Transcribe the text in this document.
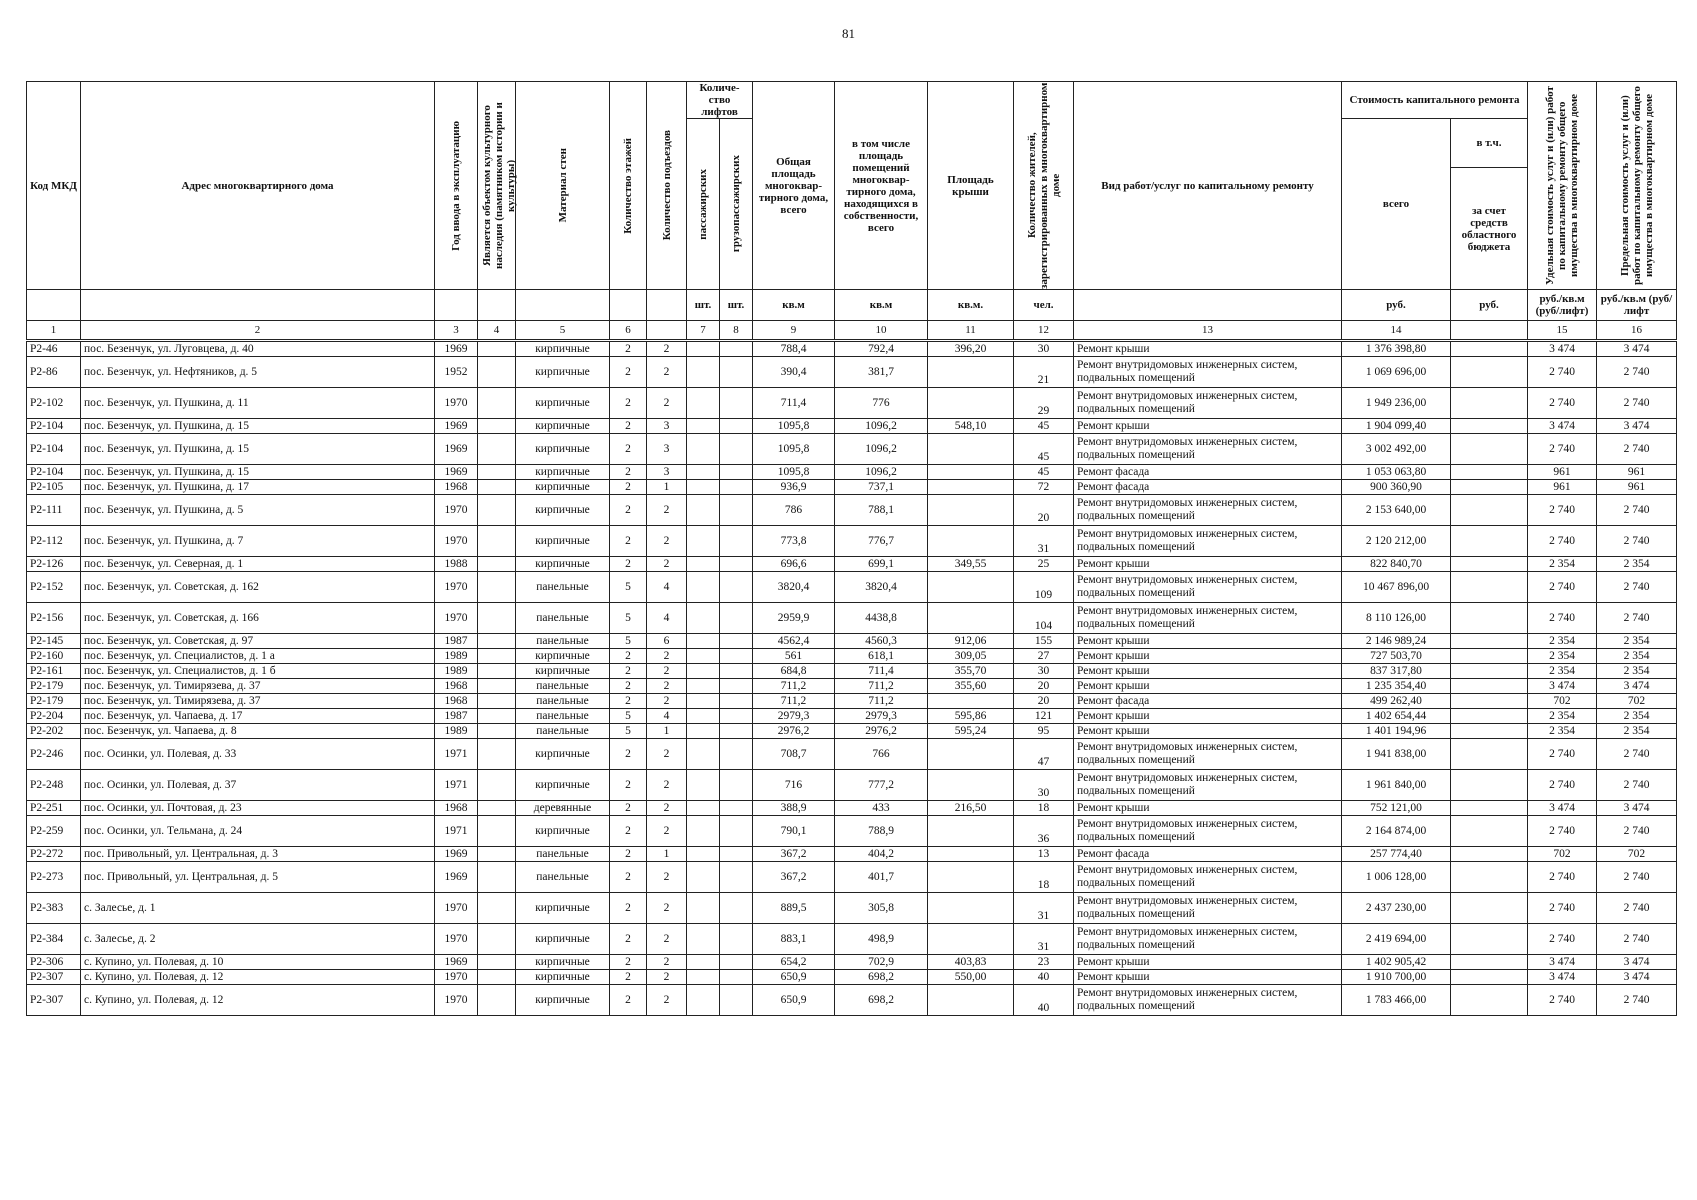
81
Код МКД	Адрес многоквартирного дома	Год ввода в эксплуатацию	Является объектом культурного наследия (памятником истории и культуры)	Материал стен	Количество этажей	Количество подъездов	Количе- ство лифтов		Общая площадь многоквар- тирного дома, всего	в том числе площадь помещений многоквар- тирного дома, находящихся в собственности, всего	Площадь крыши	Количество жителей, зарегистрированных в многоквартирном доме	Вид работ/услуг по капитальному ремонту	Стоимость капитального ремонта		Удельная стоимость услуг и (или) работ по капитальному ремонту общего имущества в многоквартирном доме	Предельная стоимость услуг и (или) работ по капитальному ремонту общего имущества в многоквартирном доме

							пассажирских	грузопассажирских						всего	в т.ч.
за счет средств областного бюджета		

							шт.	шт.	кв.м	кв.м	кв.м.	чел.		руб.	руб.	руб./кв.м (руб/лифт)	руб./кв.м (руб/лифт
1	2	3	4	5	6		7	8	9	10	11	12	13	14		15	16
Р2-46	пос. Безенчук, ул. Луговцева, д. 40	1969		кирпичные	2	2			788,4	792,4	396,20	30	Ремонт крыши	1 376 398,80		3 474	3 474
Р2-86	пос. Безенчук, ул. Нефтяников, д. 5	1952		кирпичные	2	2			390,4	381,7		21	Ремонт внутридомовых инженерных систем, подвальных помещений	1 069 696,00		2 740	2 740
Р2-102	пос. Безенчук, ул. Пушкина, д. 11	1970		кирпичные	2	2			711,4	776		29	Ремонт внутридомовых инженерных систем, подвальных помещений	1 949 236,00		2 740	2 740
Р2-104	пос. Безенчук, ул. Пушкина, д. 15	1969		кирпичные	2	3			1095,8	1096,2	548,10	45	Ремонт крыши	1 904 099,40		3 474	3 474
Р2-104	пос. Безенчук, ул. Пушкина, д. 15	1969		кирпичные	2	3			1095,8	1096,2		45	Ремонт внутридомовых инженерных систем, подвальных помещений	3 002 492,00		2 740	2 740
Р2-104	пос. Безенчук, ул. Пушкина, д. 15	1969		кирпичные	2	3			1095,8	1096,2		45	Ремонт фасада	1 053 063,80		961	961
Р2-105	пос. Безенчук, ул. Пушкина, д. 17	1968		кирпичные	2	1			936,9	737,1		72	Ремонт фасада	900 360,90		961	961
Р2-111	пос. Безенчук, ул. Пушкина, д. 5	1970		кирпичные	2	2			786	788,1		20	Ремонт внутридомовых инженерных систем, подвальных помещений	2 153 640,00		2 740	2 740
Р2-112	пос. Безенчук, ул. Пушкина, д. 7	1970		кирпичные	2	2			773,8	776,7		31	Ремонт внутридомовых инженерных систем, подвальных помещений	2 120 212,00		2 740	2 740
Р2-126	пос. Безенчук, ул. Северная, д. 1	1988		кирпичные	2	2			696,6	699,1	349,55	25	Ремонт крыши	822 840,70		2 354	2 354
Р2-152	пос. Безенчук, ул. Советская, д. 162	1970		панельные	5	4			3820,4	3820,4		109	Ремонт внутридомовых инженерных систем, подвальных помещений	10 467 896,00		2 740	2 740
Р2-156	пос. Безенчук, ул. Советская, д. 166	1970		панельные	5	4			2959,9	4438,8		104	Ремонт внутридомовых инженерных систем, подвальных помещений	8 110 126,00		2 740	2 740
Р2-145	пос. Безенчук, ул. Советская, д. 97	1987		панельные	5	6			4562,4	4560,3	912,06	155	Ремонт крыши	2 146 989,24		2 354	2 354
Р2-160	пос. Безенчук, ул. Специалистов, д. 1 а	1989		кирпичные	2	2			561	618,1	309,05	27	Ремонт крыши	727 503,70		2 354	2 354
Р2-161	пос. Безенчук, ул. Специалистов, д. 1 б	1989		кирпичные	2	2			684,8	711,4	355,70	30	Ремонт крыши	837 317,80		2 354	2 354
Р2-179	пос. Безенчук, ул. Тимирязева, д. 37	1968		панельные	2	2			711,2	711,2	355,60	20	Ремонт крыши	1 235 354,40		3 474	3 474
Р2-179	пос. Безенчук, ул. Тимирязева, д. 37	1968		панельные	2	2			711,2	711,2		20	Ремонт фасада	499 262,40		702	702
Р2-204	пос. Безенчук, ул. Чапаева, д. 17	1987		панельные	5	4			2979,3	2979,3	595,86	121	Ремонт крыши	1 402 654,44		2 354	2 354
Р2-202	пос. Безенчук, ул. Чапаева, д. 8	1989		панельные	5	1			2976,2	2976,2	595,24	95	Ремонт крыши	1 401 194,96		2 354	2 354
Р2-246	пос. Осинки, ул. Полевая, д. 33	1971		кирпичные	2	2			708,7	766		47	Ремонт внутридомовых инженерных систем, подвальных помещений	1 941 838,00		2 740	2 740
Р2-248	пос. Осинки, ул. Полевая, д. 37	1971		кирпичные	2	2			716	777,2		30	Ремонт внутридомовых инженерных систем, подвальных помещений	1 961 840,00		2 740	2 740
Р2-251	пос. Осинки, ул. Почтовая, д. 23	1968		деревянные	2	2			388,9	433	216,50	18	Ремонт крыши	752 121,00		3 474	3 474
Р2-259	пос. Осинки, ул. Тельмана, д. 24	1971		кирпичные	2	2			790,1	788,9		36	Ремонт внутридомовых инженерных систем, подвальных помещений	2 164 874,00		2 740	2 740
Р2-272	пос. Привольный, ул. Центральная, д. 3	1969		панельные	2	1			367,2	404,2		13	Ремонт фасада	257 774,40		702	702
Р2-273	пос. Привольный, ул. Центральная, д. 5	1969		панельные	2	2			367,2	401,7		18	Ремонт внутридомовых инженерных систем, подвальных помещений	1 006 128,00		2 740	2 740
Р2-383	с. Залесье, д. 1	1970		кирпичные	2	2			889,5	305,8		31	Ремонт внутридомовых инженерных систем, подвальных помещений	2 437 230,00		2 740	2 740
Р2-384	с. Залесье, д. 2	1970		кирпичные	2	2			883,1	498,9		31	Ремонт внутридомовых инженерных систем, подвальных помещений	2 419 694,00		2 740	2 740
Р2-306	с. Купино, ул. Полевая, д. 10	1969		кирпичные	2	2			654,2	702,9	403,83	23	Ремонт крыши	1 402 905,42		3 474	3 474
Р2-307	с. Купино, ул. Полевая, д. 12	1970		кирпичные	2	2			650,9	698,2	550,00	40	Ремонт крыши	1 910 700,00		3 474	3 474
Р2-307	с. Купино, ул. Полевая, д. 12	1970		кирпичные	2	2			650,9	698,2		40	Ремонт внутридомовых инженерных систем, подвальных помещений	1 783 466,00		2 740	2 740
